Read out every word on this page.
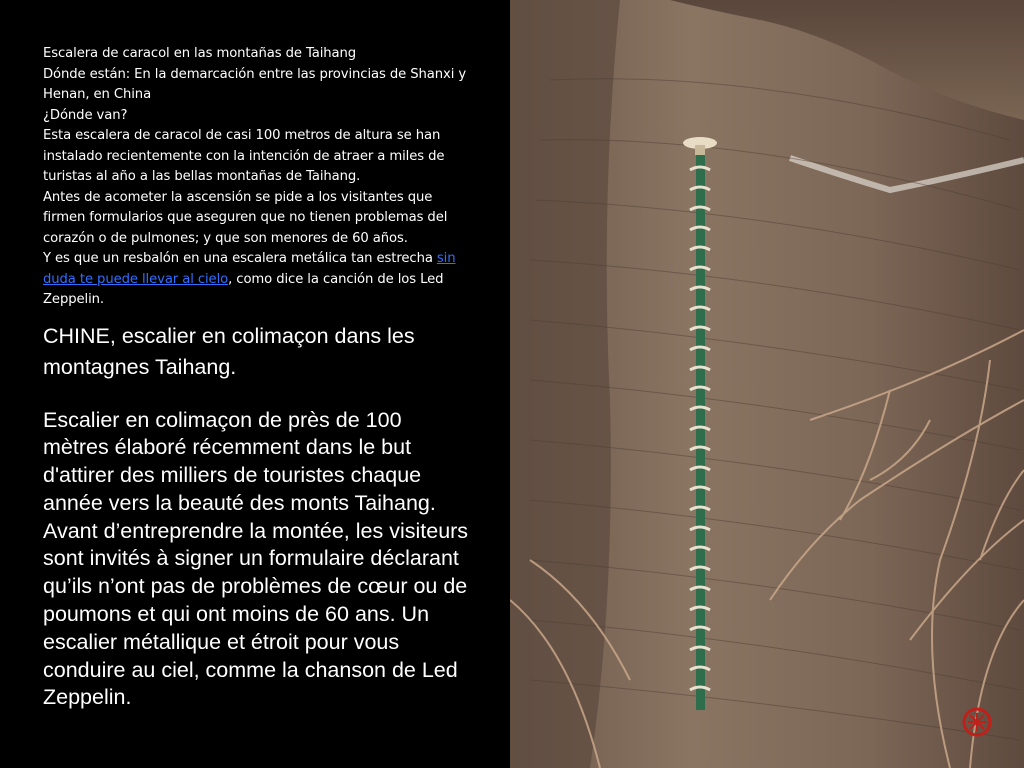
Escalera de caracol en las montañas de Taihang

Dónde están: En la demarcación entre las provincias de Shanxi y Henan, en China

¿Dónde van?

Esta escalera de caracol de casi 100 metros de altura se han instalado recientemente con la intención de atraer a miles de turistas al año a las bellas montañas de Taihang.

Antes de acometer la ascensión se pide a los visitantes que firmen formularios que aseguren que no tienen problemas del corazón o de pulmones; y que son menores de 60 años.

Y es que un resbalón en una escalera metálica tan estrecha sin duda te puede llevar al cielo, como dice la canción de los Led Zeppelin.

CHINE, escalier en colimaçon dans les montagnes Taihang.
Escalier en colimaçon de près de 100 mètres élaboré récemment dans le but d'attirer des milliers de touristes chaque année vers la beauté des monts Taihang. Avant d’entreprendre la montée, les visiteurs sont invités à signer un formulaire déclarant qu’ils n’ont pas de problèmes de cœur ou de poumons et qui ont moins de 60 ans. Un escalier métallique et étroit pour vous conduire au ciel, comme la chanson de Led Zeppelin.
